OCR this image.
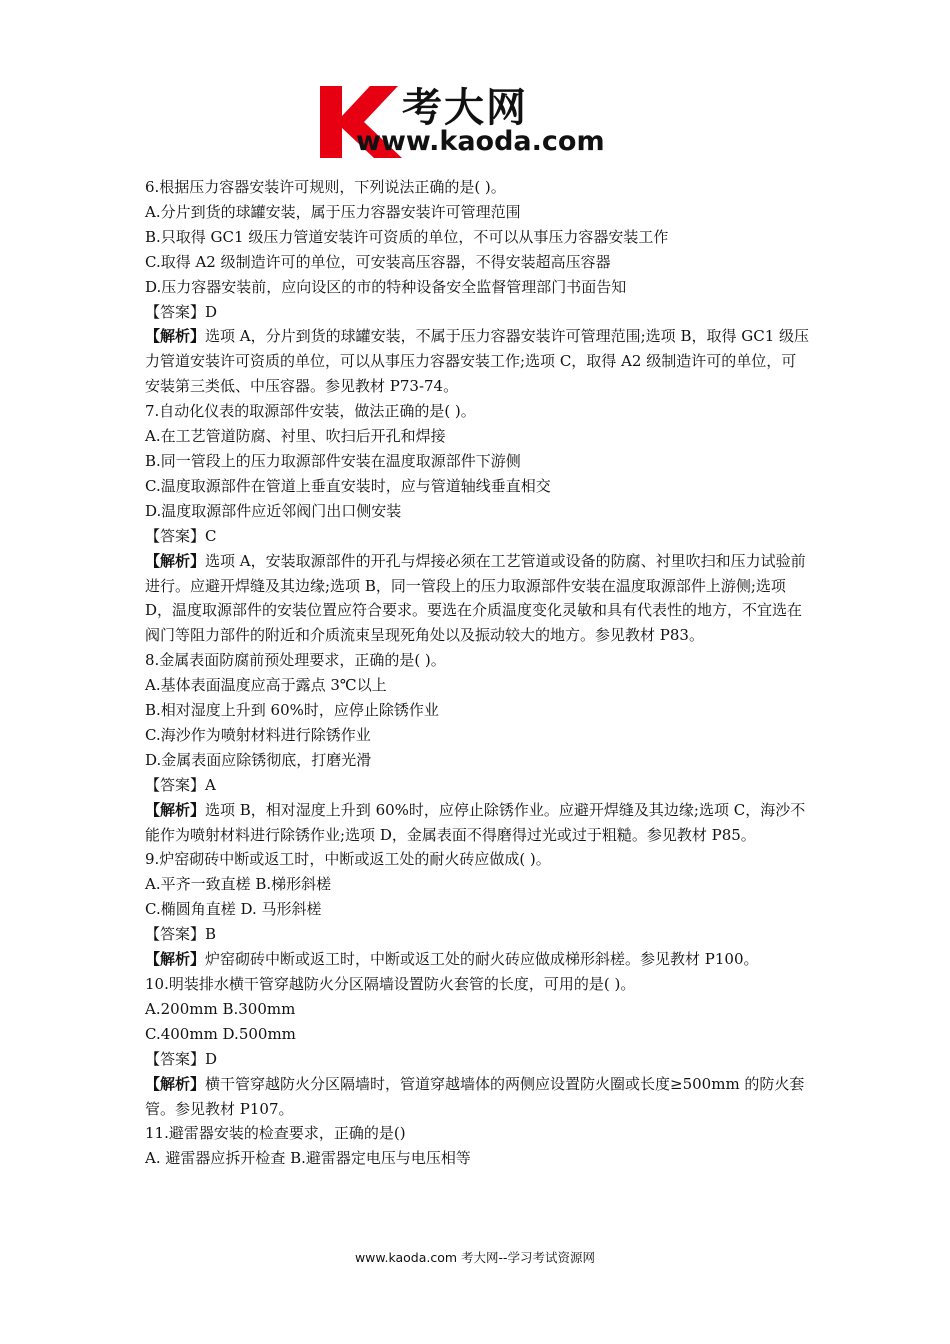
考大网
www.kaoda.com
6.根据压力容器安装许可规则，下列说法正确的是( )。
A.分片到货的球罐安装，属于压力容器安装许可管理范围
B.只取得 GC1 级压力管道安装许可资质的单位，不可以从事压力容器安装工作
C.取得 A2 级制造许可的单位，可安装高压容器，不得安装超高压容器
D.压力容器安装前，应向设区的市的特种设备安全监督管理部门书面告知
【答案】D
【解析】选项 A，分片到货的球罐安装，不属于压力容器安装许可管理范围;选项 B，取得 GC1 级压力管道安装许可资质的单位，可以从事压力容器安装工作;选项 C，取得 A2 级制造许可的单位，可安装第三类低、中压容器。参见教材 P73-74。
7.自动化仪表的取源部件安装，做法正确的是( )。
A.在工艺管道防腐、衬里、吹扫后开孔和焊接
B.同一管段上的压力取源部件安装在温度取源部件下游侧
C.温度取源部件在管道上垂直安装时，应与管道轴线垂直相交
D.温度取源部件应近邻阀门出口侧安装
【答案】C
【解析】选项 A，安装取源部件的开孔与焊接必须在工艺管道或设备的防腐、衬里吹扫和压力试验前进行。应避开焊缝及其边缘;选项 B，同一管段上的压力取源部件安装在温度取源部件上游侧;选项 D，温度取源部件的安装位置应符合要求。要选在介质温度变化灵敏和具有代表性的地方，不宜选在阀门等阻力部件的附近和介质流束呈现死角处以及振动较大的地方。参见教材 P83。
8.金属表面防腐前预处理要求，正确的是( )。
A.基体表面温度应高于露点 3℃以上
B.相对湿度上升到 60%时，应停止除锈作业
C.海沙作为喷射材料进行除锈作业
D.金属表面应除锈彻底，打磨光滑
【答案】A
【解析】选项 B，相对湿度上升到 60%时，应停止除锈作业。应避开焊缝及其边缘;选项 C，海沙不能作为喷射材料进行除锈作业;选项 D，金属表面不得磨得过光或过于粗糙。参见教材 P85。
9.炉窑砌砖中断或返工时，中断或返工处的耐火砖应做成( )。
A.平齐一致直槎 B.梯形斜槎
C.椭圆角直槎 D. 马形斜槎
【答案】B
【解析】炉窑砌砖中断或返工时，中断或返工处的耐火砖应做成梯形斜槎。参见教材 P100。
10.明装排水横干管穿越防火分区隔墙设置防火套管的长度，可用的是( )。
A.200mm B.300mm
C.400mm D.500mm
【答案】D
【解析】横干管穿越防火分区隔墙时，管道穿越墙体的两侧应设置防火圈或长度≥500mm 的防火套管。参见教材 P107。
11.避雷器安装的检查要求，正确的是()
A. 避雷器应拆开检查 B.避雷器定电压与电压相等
www.kaoda.com 考大网--学习考试资源网
